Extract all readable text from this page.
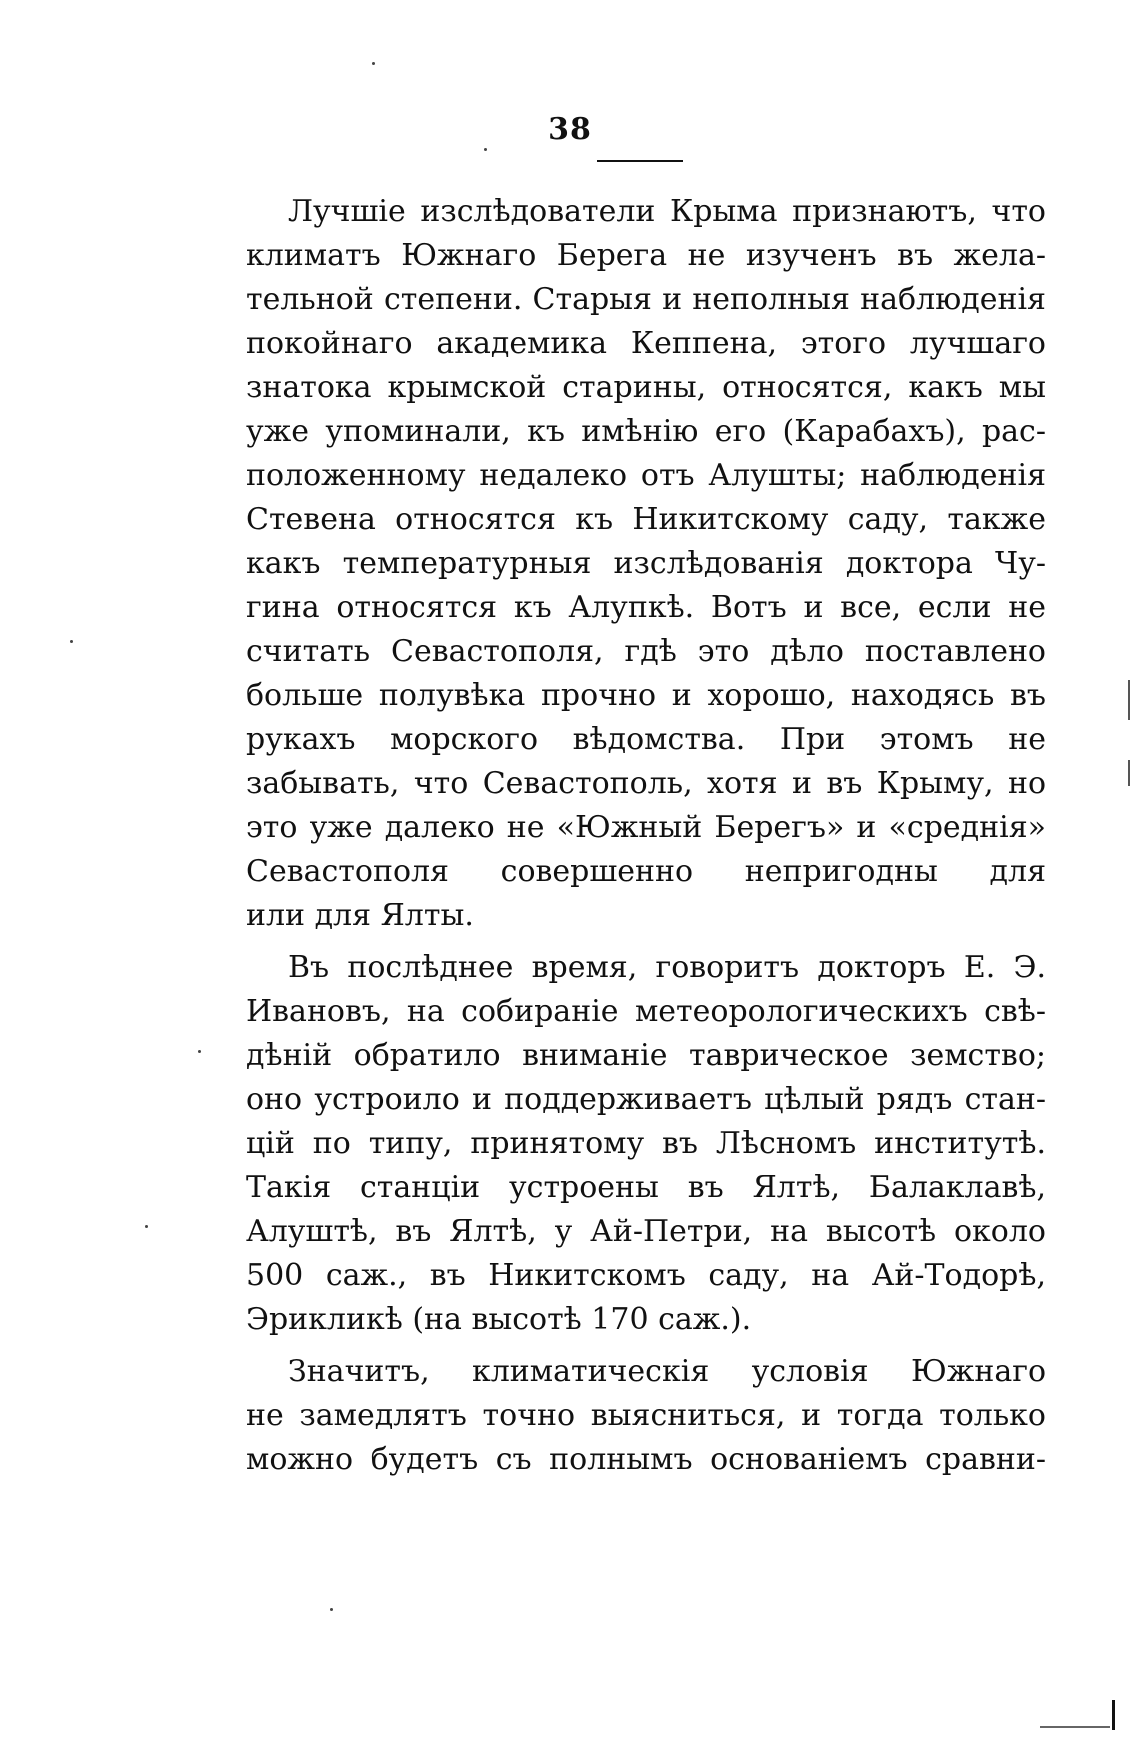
38
Лучшіе изслѣдователи Крыма признаютъ, что
климатъ Южнаго Берега не изученъ въ жела-
тельной степени. Старыя и неполныя наблюденія
покойнаго академика Кеппена, этого лучшаго
знатока крымской старины, относятся, какъ мы
уже упоминали, къ имѣнію его (Карабахъ), рас-
положенному недалеко отъ Алушты; наблюденія
Стевена относятся къ Никитскому саду, также
какъ температурныя изслѣдованія доктора Чу-
гина относятся къ Алупкѣ. Вотъ и все, если не
считать Севастополя, гдѣ это дѣло поставлено
больше полувѣка прочно и хорошо, находясь въ
рукахъ морского вѣдомства. При этомъ не
забывать, что Севастополь, хотя и въ Крыму, но
это уже далеко не «Южный Берегъ» и «среднія»
Севастополя совершенно непригодны для
или для Ялты.
Въ послѣднее время, говоритъ докторъ Е. Э.
Ивановъ, на собираніе метеорологическихъ свѣ-
дѣній обратило вниманіе таврическое земство;
оно устроило и поддерживаетъ цѣлый рядъ стан-
цій по типу, принятому въ Лѣсномъ институтѣ.
Такія станціи устроены въ Ялтѣ, Балаклавѣ,
Алуштѣ, въ Ялтѣ, у Ай-Петри, на высотѣ около
500 саж., въ Никитскомъ саду, на Ай-Тодорѣ,
Эрикликѣ (на высотѣ 170 саж.).
Значитъ, климатическія условія Южнаго
не замедлятъ точно выясниться, и тогда только
можно будетъ съ полнымъ основаніемъ сравни-
